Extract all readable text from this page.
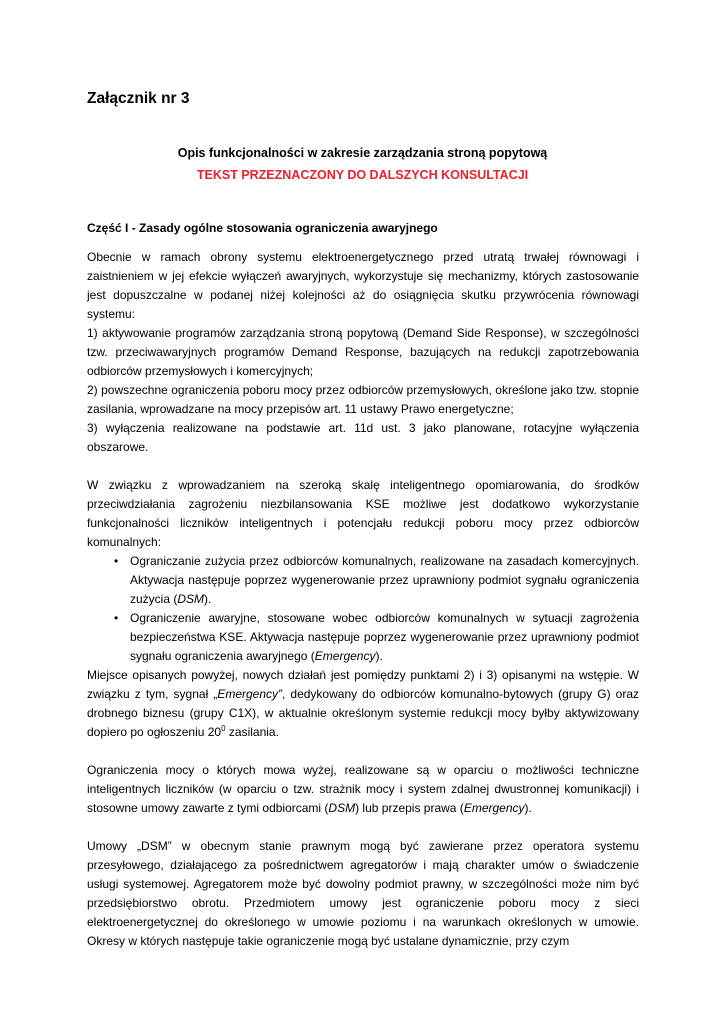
Załącznik nr 3
Opis funkcjonalności w zakresie zarządzania stroną popytową
TEKST PRZEZNACZONY DO DALSZYCH KONSULTACJI
Część I - Zasady ogólne stosowania ograniczenia awaryjnego

Obecnie w ramach obrony systemu elektroenergetycznego przed utratą trwałej równowagi i zaistnieniem w jej efekcie wyłączeń awaryjnych, wykorzystuje się mechanizmy, których zastosowanie jest dopuszczalne w podanej niżej kolejności aż do osiągnięcia skutku przywrócenia równowagi systemu:

1) aktywowanie programów zarządzania stroną popytową (Demand Side Response), w szczególności tzw. przeciwawaryjnych programów Demand Response, bazujących na redukcji zapotrzebowania odbiorców przemysłowych i komercyjnych;

2) powszechne ograniczenia poboru mocy przez odbiorców przemysłowych, określone jako tzw. stopnie zasilania, wprowadzane na mocy przepisów art. 11 ustawy Prawo energetyczne;

3) wyłączenia realizowane na podstawie art. 11d ust. 3 jako planowane, rotacyjne wyłączenia obszarowe.

W związku z wprowadzaniem na szeroką skalę inteligentnego opomiarowania, do środków przeciwdziałania zagrożeniu niezbilansowania KSE możliwe jest dodatkowo wykorzystanie funkcjonalności liczników inteligentnych i potencjału redukcji poboru mocy przez odbiorców komunalnych:

• Ograniczanie zużycia przez odbiorców komunalnych, realizowane na zasadach komercyjnych. Aktywacja następuje poprzez wygenerowanie przez uprawniony podmiot sygnału ograniczenia zużycia (DSM).
• Ograniczenie awaryjne, stosowane wobec odbiorców komunalnych w sytuacji zagrożenia bezpieczeństwa KSE. Aktywacja następuje poprzez wygenerowanie przez uprawniony podmiot sygnału ograniczenia awaryjnego (Emergency).

Miejsce opisanych powyżej, nowych działań jest pomiędzy punktami 2) i 3) opisanymi na wstępie. W związku z tym, sygnał „Emergency”, dedykowany do odbiorców komunalno-bytowych (grupy G) oraz drobnego biznesu (grupy C1X), w aktualnie określonym systemie redukcji mocy byłby aktywizowany dopiero po ogłoszeniu $20^0$ zasilania.

Ograniczenia mocy o których mowa wyżej, realizowane są w oparciu o możliwości techniczne inteligentnych liczników (w oparciu o tzw. strażnik mocy i system zdalnej dwustronnej komunikacji) i stosowne umowy zawarte z tymi odbiorcami (DSM) lub przepis prawa (Emergency).

Umowy „DSM” w obecnym stanie prawnym mogą być zawierane przez operatora systemu przesyłowego, działającego za pośrednictwem agregatorów i mają charakter umów o świadczenie usługi systemowej. Agregatorem może być dowolny podmiot prawny, w szczególności może nim być przedsiębiorstwo obrotu. Przedmiotem umowy jest ograniczenie poboru mocy z sieci elektroenergetycznej do określonego w umowie poziomu i na warunkach określonych w umowie. Okresy w których następuje takie ograniczenie mogą być ustalane dynamicznie, przy czym
